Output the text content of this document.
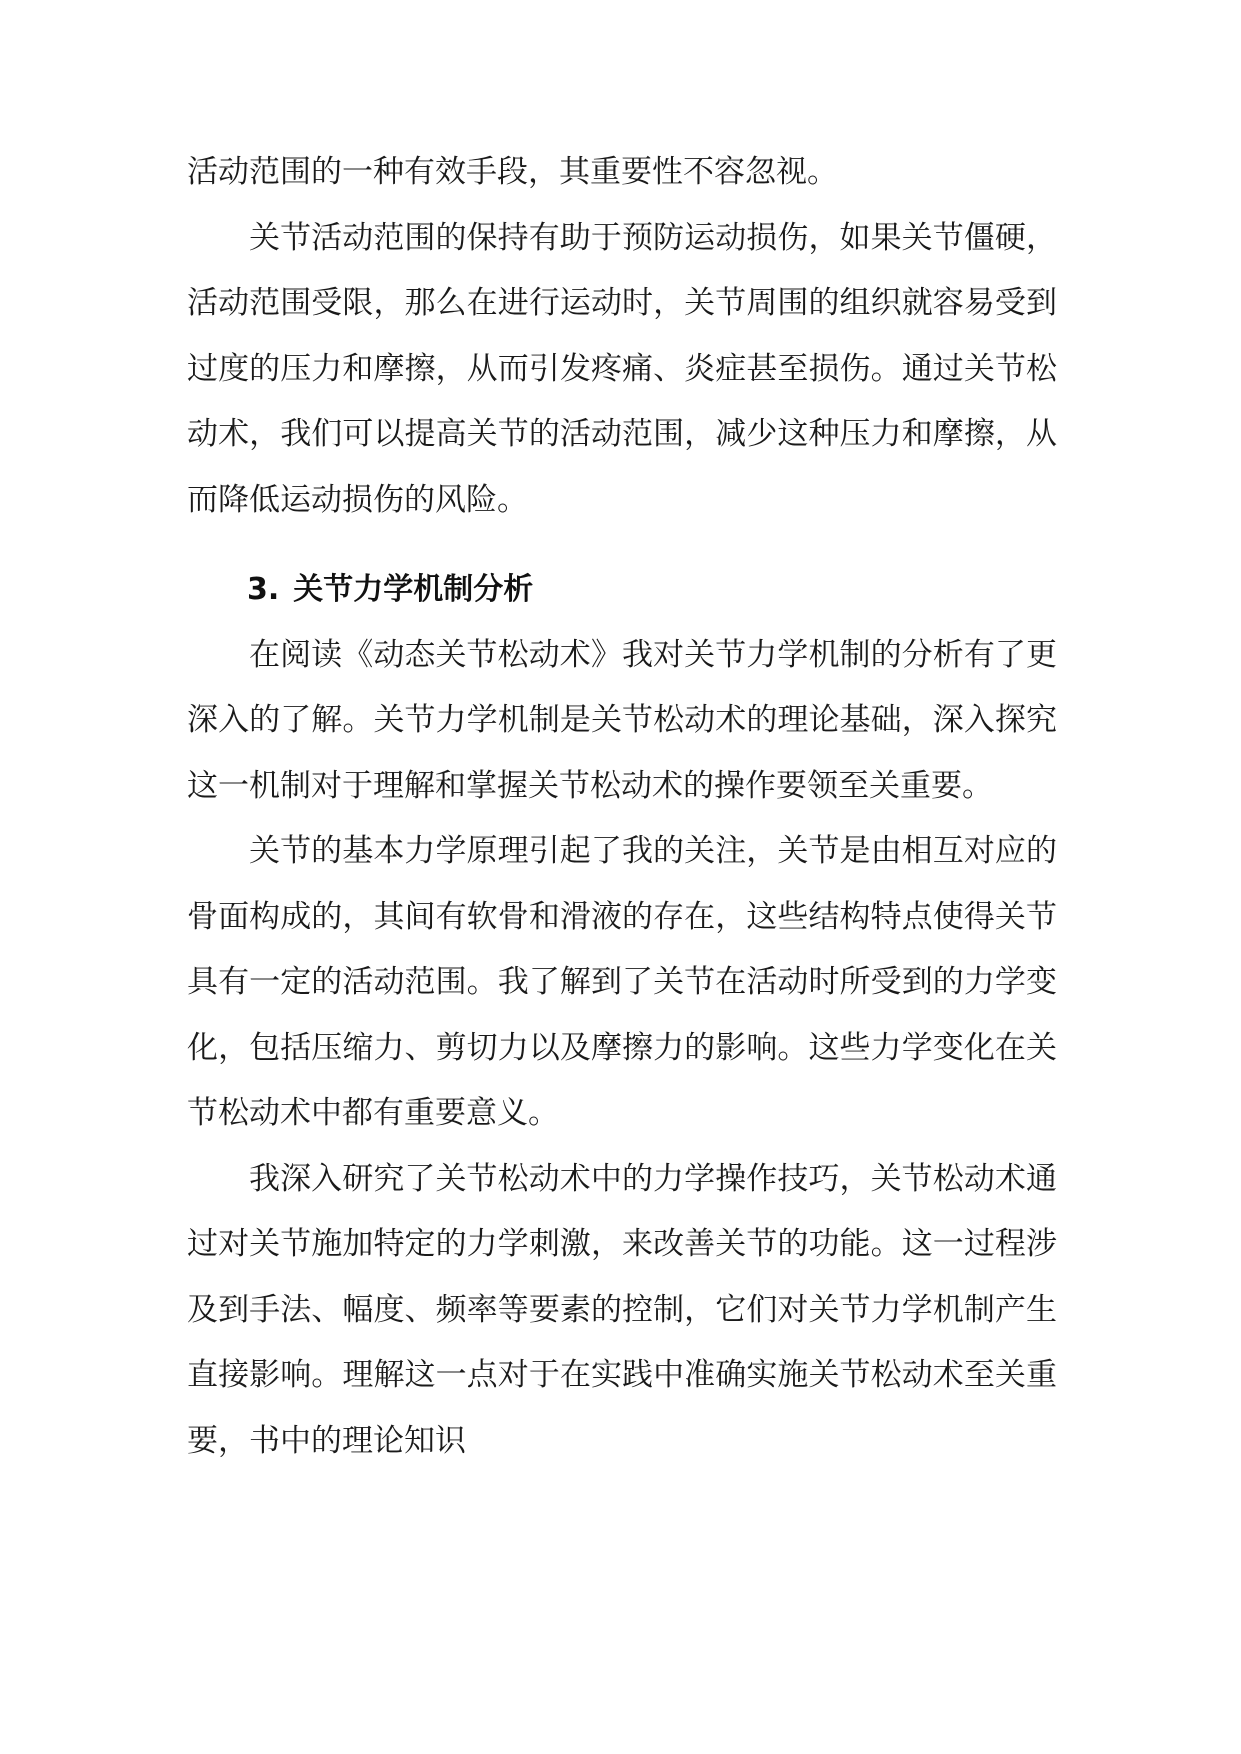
活动范围的一种有效手段，其重要性不容忽视。

关节活动范围的保持有助于预防运动损伤，如果关节僵硬，活动范围受限，那么在进行运动时，关节周围的组织就容易受到过度的压力和摩擦，从而引发疼痛、炎症甚至损伤。通过关节松动术，我们可以提高关节的活动范围，减少这种压力和摩擦，从而降低运动损伤的风险。

3. 关节力学机制分析

在阅读《动态关节松动术》我对关节力学机制的分析有了更深入的了解。关节力学机制是关节松动术的理论基础，深入探究这一机制对于理解和掌握关节松动术的操作要领至关重要。

关节的基本力学原理引起了我的关注，关节是由相互对应的骨面构成的，其间有软骨和滑液的存在，这些结构特点使得关节具有一定的活动范围。我了解到了关节在活动时所受到的力学变化，包括压缩力、剪切力以及摩擦力的影响。这些力学变化在关节松动术中都有重要意义。

我深入研究了关节松动术中的力学操作技巧，关节松动术通过对关节施加特定的力学刺激，来改善关节的功能。这一过程涉及到手法、幅度、频率等要素的控制，它们对关节力学机制产生直接影响。理解这一点对于在实践中准确实施关节松动术至关重要，书中的理论知识
